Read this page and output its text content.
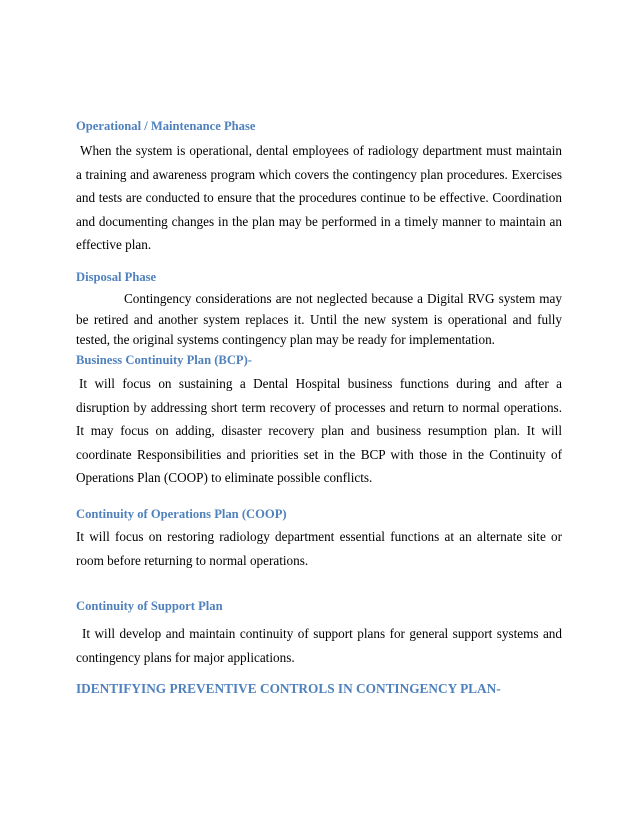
Operational / Maintenance Phase

When the system is operational, dental employees of radiology department must maintain a training and awareness program which covers the contingency plan procedures. Exercises and tests are conducted to ensure that the procedures continue to be effective. Coordination and documenting changes in the plan may be performed in a timely manner to maintain an effective plan.

Disposal Phase

Contingency considerations are not neglected because a Digital RVG system may be retired and another system replaces it. Until the new system is operational and fully tested, the original systems contingency plan may be ready for implementation.

Business Continuity Plan (BCP)-

It will focus on sustaining a Dental Hospital business functions during and after a disruption by addressing short term recovery of processes and return to normal operations. It may focus on adding, disaster recovery plan and business resumption plan. It will coordinate Responsibilities and priorities set in the BCP with those in the Continuity of Operations Plan (COOP) to eliminate possible conflicts.

Continuity of Operations Plan (COOP)

It will focus on restoring radiology department essential functions at an alternate site or room before returning to normal operations.

Continuity of Support Plan

It will develop and maintain continuity of support plans for general support systems and contingency plans for major applications.

IDENTIFYING PREVENTIVE CONTROLS IN CONTINGENCY PLAN-
